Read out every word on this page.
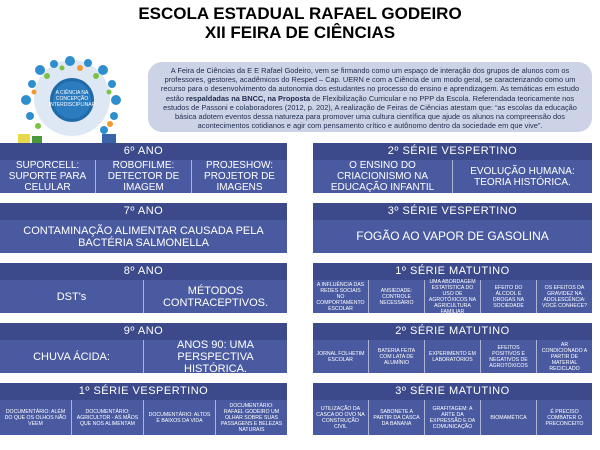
ESCOLA ESTADUAL RAFAEL GODEIRO
XII FEIRA DE CIÊNCIAS
A CIÊNCIA NA
CONCEPÇÃO
INTERDISCIPLINAR
A Feira de Ciências da E E Rafael Godeiro, vem se firmando como um espaço de interação dos grupos de alunos com os professores, gestores, acadêmicos do Resped – Cap. UERN e com a Ciência de um modo geral, se caracterizando como um recurso para o desenvolvimento da autonomia dos estudantes no processo do ensino e aprendizagem. As temáticas em estudo estão respaldadas na BNCC, na Proposta de Flexibilização Curricular e no PPP da Escola. Referendada teoricamente nos estudos de Passoni e colaboradores (2012, p. 202), A realização de Feiras de Ciências atestam que: “as escolas da educação básica adotem eventos dessa natureza para promover uma cultura científica que ajude os alunos na compreensão dos acontecimentos cotidianos e agir com pensamento crítico e autônomo dentro da sociedade em que vive”.
6º ANO
SUPORCELL: SUPORTE PARA CELULAR
ROBOFILME: DETECTOR DE IMAGEM
PROJESHOW: PROJETOR DE IMAGENS
7º ANO
CONTAMINAÇÃO ALIMENTAR CAUSADA PELA BACTÉRIA SALMONELLA
8º ANO
DST's	MÉTODOS CONTRACEPTIVOS.
9º ANO
CHUVA ÁCIDA:
ANOS 90: UMA PERSPECTIVA HISTÓRICA.
1º SÉRIE VESPERTINO
DOCUMENTÁRIO: ALÉM DO QUE OS OLHOS NÃO VEEM
DOCUMENTÁRIO: AGRICULTOR - AS MÃOS QUE NOS ALIMENTAM
DOCUMENTÁRIO: ALTOS E BAIXOS DA VIDA
DOCUMENTÁRIO: RAFAEL GODEIRO UM OLHAR SOBRE SUAS PASSAGENS E BELEZAS NATURAIS
2º SÉRIE VESPERTINO
O ENSINO DO CRIACIONISMO NA EDUCAÇÃO INFANTIL
EVOLUÇÃO HUMANA: TEORIA HISTÓRICA.
3º SÉRIE VESPERTINO
FOGÃO AO VAPOR DE GASOLINA
1º SÉRIE MATUTINO
A INFLUÊNCIA DAS REDES SOCIAIS NO COMPORTAMENTO ESCOLAR
ANSIEDADE: CONTROLE NECESSÁRIO
UMA ABORDAGEM ESTATÍSTICA DO USO DE AGROTÓXICOS NA AGRICULTURA FAMILIAR
EFEITO DO ÁLCOOL E DROGAS NA SOCIEDADE
OS EFEITOS DA GRAVIDEZ NA ADOLESCÊNCIA: VOCÊ CONHECE?
2º SÉRIE MATUTINO
JORNAL FOLHETIM ESCOLAR
BATERIA FEITA COM LATA DE ALUMÍNIO
EXPERIMENTO EM LABORATÓRIOS
EFEITOS POSITIVOS E NEGATIVOS DE AGROTÓXICOS
AR CONDICIONADO A PARTIR DE MATERIAL RECICLADO
3º SÉRIE MATUTINO
UTILIZAÇÃO DA CASCA DO OVO NA CONSTRUÇÃO CIVIL
SABONETE A PARTIR DA CASCA DA BANANA
GRAFITAGEM: A ARTE DA EXPRESSÃO E DA COMUNICAÇÃO
BIOMAMÉTICA
É PRECISO COMBATER O PRECONCEITO
